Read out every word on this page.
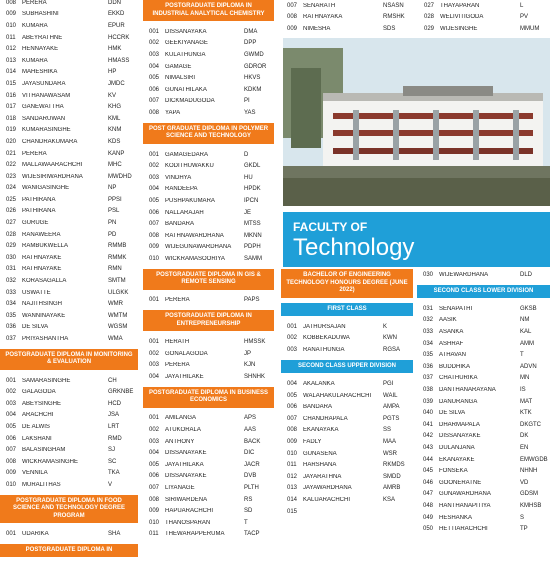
008 PERERA	DDN
009 SUBHASHINI	EKKD
010 KUMARA	EPUR
011	ABEYRATHNE	HCCRK
012 HENNAYAKE	HMK
013 KUMARA	HMASS
014 MAHESHIKA	HP
015 JAYASUNDARA	JMDC
016 VITHANAWASAM	KV
017 GANEWATTHA	KHG
018 SANDARUWAN	KML
019 KUMARASINGHE	KNM
020 CHANDRAKUMARA	KDS
021 PERERA	KANP
022 MALLAWAARACHCHI	MHC
023 WIJESIRIWARDHANA	MWDHD
024 WANIGASINGHE	NP
025 PATHIRANA	PPSI
026 PATHIRANA	PSL
027 GURUGE	PN
028 RANAWEERA	PD
029 RAMBUKWELLA	RMMB
030 RATHNAYAKE	RMMK
031 RATHNAYAKE	RMN
032 KORASAGALLA	SMTM
033 USWATTE	ULGKK
034 NAJITHSINGH	WMR
035 WANNINAYAKE	WMTM
036 DE SILVA	WGSM
037 PRIYASHANTHA	WMA
POSTGRADUATE DIPLOMA IN MONITORING & EVALUATION
001 SAMARASINGHE	CH
002 GALAGODA	GRKNBE
003 ABEYSINGHE	HCD
004 ARACHCHI	JSA
005 DE ALWIS	LRT
006 LAKSHANI	RMD
007 BALASINGHAM	SJ
008 WICKRAMASINGHE	SC
009 VENNILA	TKA
010 MURALITHAS	V
POSTGRADUATE DIPLOMA IN FOOD SCIENCE AND TECHNOLOGY DEGREE PROGRAM
001 UDARIKA	SHA
POSTGRADUATE DIPLOMA IN
POSTGRADUATE DIPLOMA IN INDUSTRIAL ANALYTICAL CHEMISTRY
001 DISSANAYAKA	DMA
002 GEEKIYANAGE	DPP
003 KULATHUNGA	GWMD
004 GAMAGE	GDROR
005 NIMALSIRI	HKVS
006 GUNATHILAKA	KDKM
007 DICKMADUGODA	PI
008 YAPA	YAS
POST GRADUATE DIPLOMA IN POLYMER SCIENCE AND TECHNOLOGY
001 GAMAGEDARA	D
002 KODITHUWAKKU	GKDL
003 VINDHYA	HU
004 RANDEEPA	HPDK
005 PUSHPAKUMARA	IPCN
006 NALLARAJAH	JE
007 BANDARA	MTSS
008 RATHNAWARDHANA	MKNN
009 WIJEGUNAWARDHANA	PDPH
010 WICKRAMASOORIYA	SAMM
POSTGRADUATE DIPLOMA IN GIS & REMOTE SENSING
001 PERERA	PAPS
POSTGRADUATE DIPLOMA IN ENTREPRENEURSHIP
001 HERATH	HMSSK
002 GONALAGODA	JP
003 PERERA	KJN
004 JAYATHILAKE	SHNHK
POSTGRADUATE DIPLOMA IN BUSINESS ECONOMICS
001 AMILANGA	APS
002 ATUKORALA	AAS
003 ANTHONY	BACK
004 DISSANAYAKE	DIC
005 JAYATHILAKA	JACR
006 DISSANAYAKE	DVB
007 LIYANAGE	PLTH
008 SIRIWARDENA	RS
009 HAPUARACHCHI	SD
010 THANOSPARAN	T
011	THEWARAPPERUMA	TACP
007 SENARATH	NSASN
008 RATHNAYAKA	RMSHK
009 NIMESHA	SDS
027 THAYAPARAN	L
028 WELIVITIGODA	PV
029 WIJESINGHE	MMUM
FACULTY OF
Technology
BACHELOR OF ENGINEERING TECHNOLOGY HONOURS DEGREE (JUNE 2022)
FIRST CLASS
001 JATHURSAJAN	K
002 KOBBEKADUWA	KWN
003 RANATHUNGA	RGSA
SECOND CLASS UPPER DIVISION
004 AKALANKA	PGI
005 WALAHAKULARACHCHI	WAIL
006 BANDARA	AMPA
007 CHANDRAPALA	PGTS
008 EKANAYAKA	SS
009 FADLY	MAA
010 GUNASENA	WSR
011	HARSHANA	RKMDS
012 JAYARATHNA	SMDD
013 JAYAWARDHANA	AMRB
014 KALUARACHCHI	KSA
015
030 WIJEWARDHANA	DLD
SECOND CLASS LOWER DIVISION
031 SENAPATHI	GKSB
032 AASIK	NM
033 ASANKA	KAL
034 ASHRAF	AMM
035 ATHAVAN	T
036 BUDDHIKA	ADVN
037 CHATHURIKA	MN
038 DANTHANARAYANA	IS
039 DANURANGA	MAT
040 DE SILVA	KTK
041 DHARMAPALA	DKGTC
042 DISSANAYAKE	DK
043 DULANJANA	EN
044 EKANAYAKE	EMWGDB
045 FONSEKA	NHNH
046 GOONERATNE	VD
047 GUNAWARDHANA	GDSM
048 HANTHANAPITIYA	KMHSB
049 HESHANKA	S
050 HETTIARACHCHI	TP
